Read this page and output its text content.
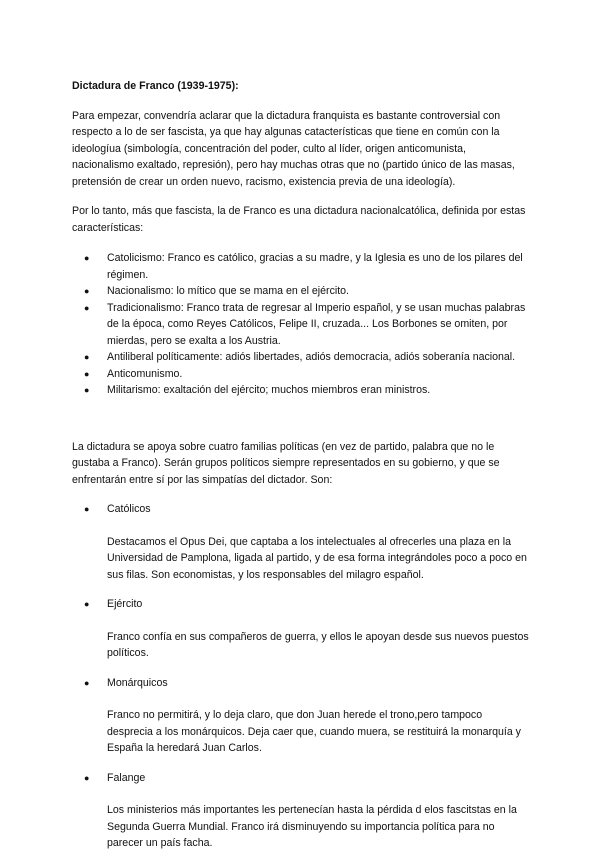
Dictadura de Franco (1939-1975):

Para empezar, convendría aclarar que la dictadura franquista es bastante controversial con respecto a lo de ser fascista, ya que hay algunas catacterísticas que tiene en común con la ideologíua (simbología, concentración del poder, culto al líder, origen anticomunista, nacionalismo exaltado, represión), pero hay muchas otras que no (partido único de las masas, pretensión de crear un orden nuevo, racismo, existencia previa de una ideología).

Por lo tanto, más que fascista, la de Franco es una dictadura nacionalcatólica, definida por estas características:

● Catolicismo: Franco es católico, gracias a su madre, y la Iglesia es uno de los pilares del régimen.
● Nacionalismo: lo mítico que se mama en el ejército.
● Tradicionalismo: Franco trata de regresar al Imperio español, y se usan muchas palabras de la época, como Reyes Católicos, Felipe II, cruzada... Los Borbones se omiten, por mierdas, pero se exalta a los Austria.
● Antiliberal políticamente: adiós libertades, adiós democracia, adiós soberanía nacional.
● Anticomunismo.
● Militarismo: exaltación del ejército; muchos miembros eran ministros.

La dictadura se apoya sobre cuatro familias políticas (en vez de partido, palabra que no le gustaba a Franco). Serán grupos políticos siempre representados en su gobierno, y que se enfrentarán entre sí por las simpatías del dictador. Son:

● Católicos

Destacamos el Opus Dei, que captaba a los intelectuales al ofrecerles una plaza en la Universidad de Pamplona, ligada al partido, y de esa forma integrándoles poco a poco en sus filas. Son economistas, y los responsables del milagro español.

● Ejército

Franco confía en sus compañeros de guerra, y ellos le apoyan desde sus nuevos puestos políticos.

● Monárquicos

Franco no permitirá, y lo deja claro, que don Juan herede el trono,pero tampoco desprecia a los monárquicos. Deja caer que, cuando muera, se restituirá la monarquía y España la heredará Juan Carlos.

● Falange

Los ministerios más importantes les pertenecían hasta la pérdida d elos fascitstas en la Segunda Guerra Mundial. Franco irá disminuyendo su importancia política para no parecer un país facha.
